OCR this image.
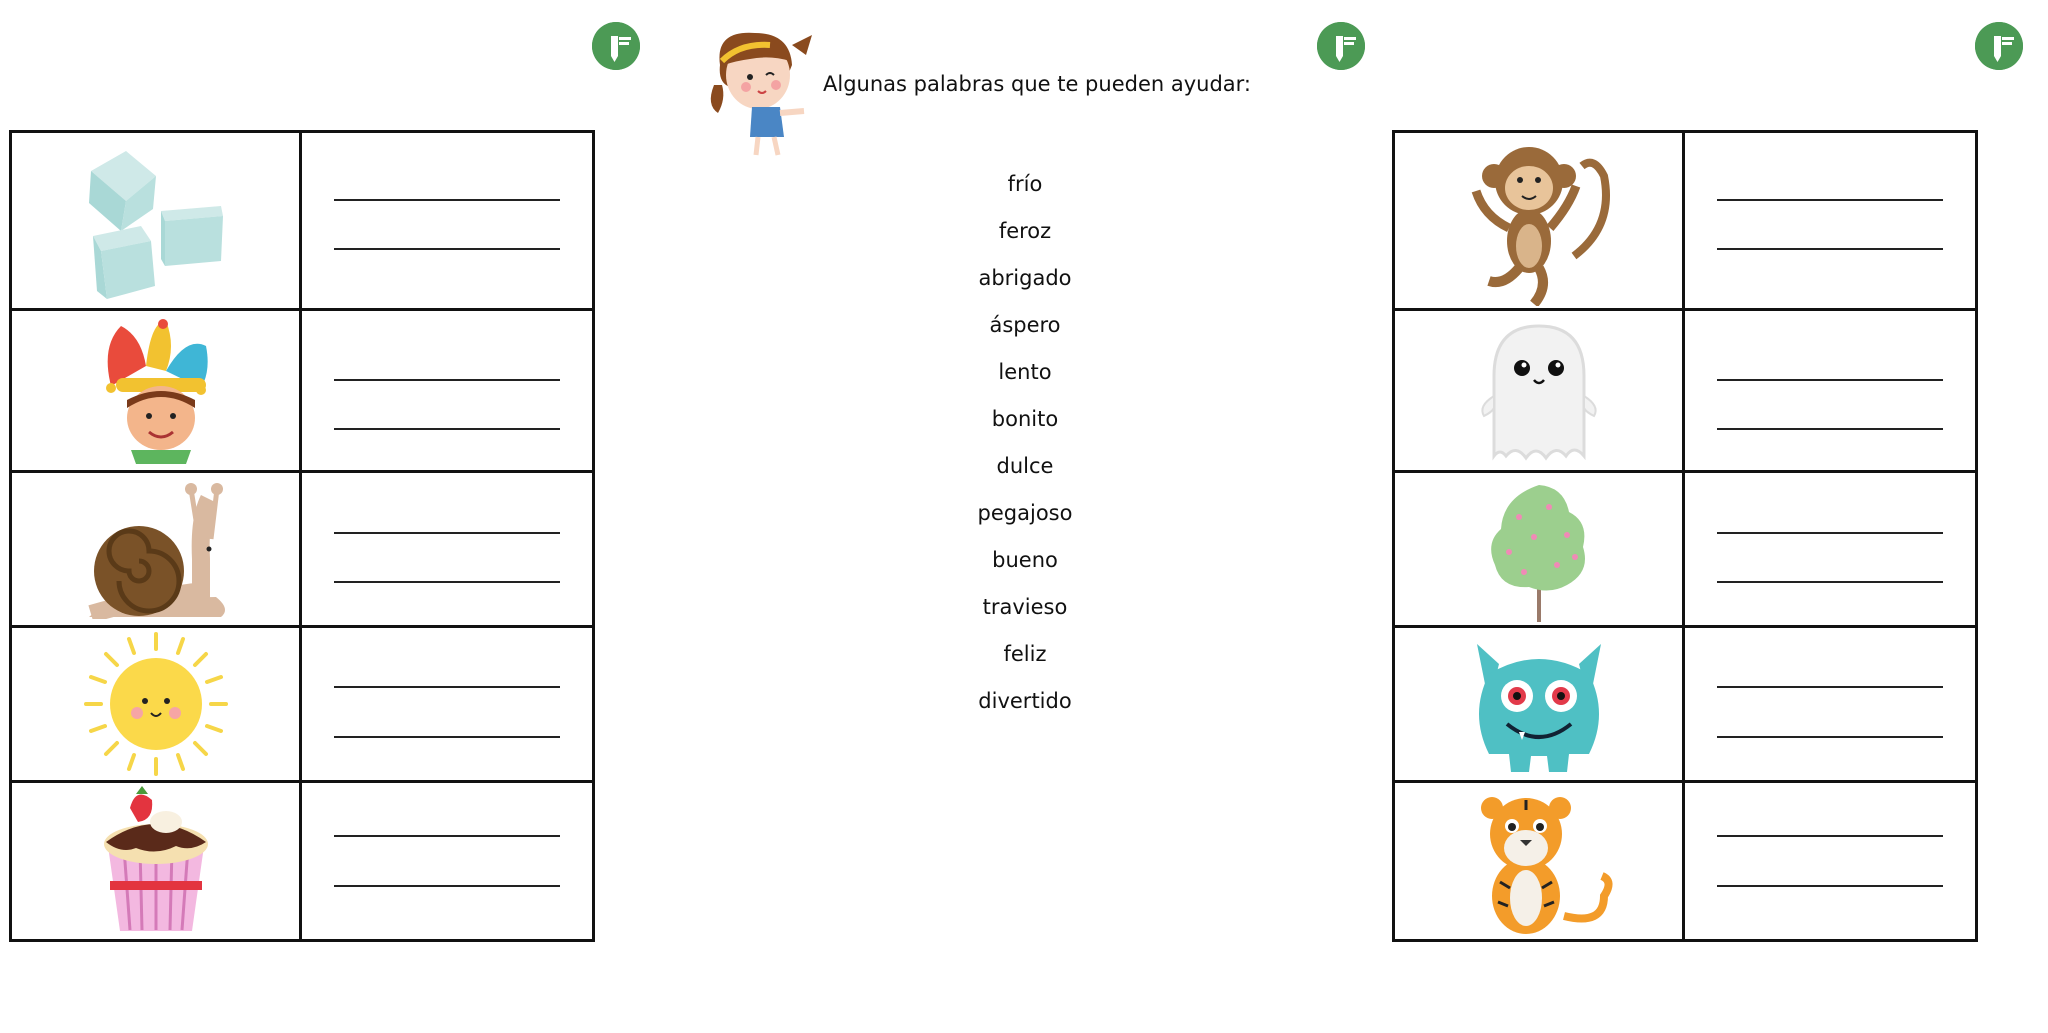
Algunas palabras que te pueden ayudar:
frío
feroz
abrigado
áspero
lento
bonito
dulce
pegajoso
bueno
travieso
feliz
divertido
